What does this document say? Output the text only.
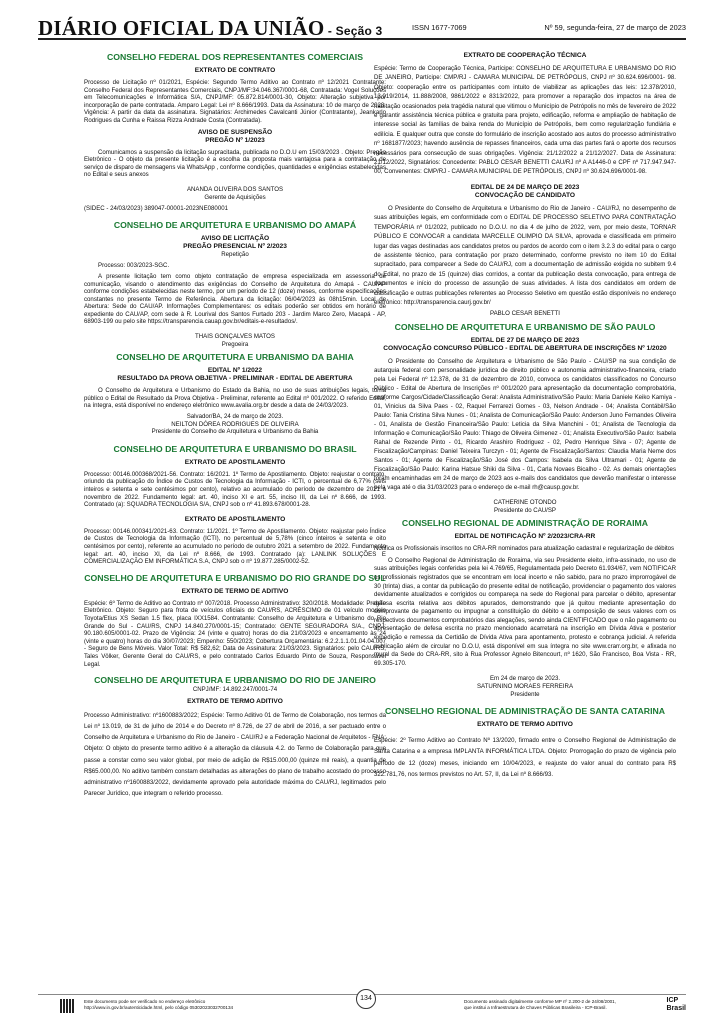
DIÁRIO OFICIAL DA UNIÃO - Seção 3	ISSN 1677-7069	Nº 59, segunda-feira, 27 de março de 2023
CONSELHO FEDERAL DOS REPRESENTANTES COMERCIAIS
EXTRATO DE CONTRATO
Processo de Licitação nº 01/2021, Espécie: Segundo Termo Aditivo ao Contrato nº 12/2021 Contratante: Conselho Federal dos Representantes Comerciais, CNPJ/MF:34.046.367/0001-68, Contratada: Vogel Soluções em Telecomunicações e Informática S/A, CNPJ/MF: 05.872.814/0001-30, Objeto: Alteração subjetiva por incorporação de parte contratada. Amparo Legal: Lei nº 8.666/1993. Data da Assinatura: 10 de março de 2023. Vigência: A partir da data da assinatura. Signatários: Archimedes Cavalcanti Júnior (Contratante), Jeankarlo Rodrigues da Cunha e Raissa Rizza Andrade Costa (Contratada).
AVISO DE SUSPENSÃO
PREGÃO Nº 1/2023
Comunicamos a suspensão da licitação supracitada, publicada no D.O.U em 15/03/2023 . Objeto: Pregão Eletrônico - O objeto da presente licitação é a escolha da proposta mais vantajosa para a contratação de serviço de disparo de mensagens via WhatsApp , conforme condições, quantidades e exigências estabelecidas no Edital e seus anexos
ANANDA OLIVEIRA DOS SANTOS
Gerente de Aquisições
(SIDEC - 24/03/2023) 389047-00001-2023NE080001
CONSELHO DE ARQUITETURA E URBANISMO DO AMAPÁ
AVISO DE LICITAÇÃO
PREGÃO PRESENCIAL Nº 2/2023
Repetição
Processo: 003/2023-SGC.
A presente licitação tem como objeto contratação de empresa especializada em assessoria de comunicação, visando o atendimento das exigências do Conselho de Arquitetura do Amapá - CAU/AP conforme condições estabelecidas neste termo, por um período de 12 (doze) meses, conforme especificações constantes no presente Termo de Referência. Abertura da licitação: 06/04/2023 às 08h15min. Local de Abertura: Sede do CAU/AP. Informações Complementares: os editais poderão ser obtidos em horário de expediente do CAU/AP, com sede à R. Lourival dos Santos Furtado 203 - Jardim Marco Zero, Macapá - AP, 68903-199 ou pelo site https://transparencia.cauap.gov.br/editais-e-resultados/.
THAIS GONÇALVES MATOS
Pregoeira
CONSELHO DE ARQUITETURA E URBANISMO DA BAHIA
EDITAL Nº 1/2022
RESULTADO DA PROVA OBJETIVA - PRELIMINAR - EDITAL DE ABERTURA
O Conselho de Arquitetura e Urbanismo do Estado da Bahia, no uso de suas atribuições legais, torna público o Edital de Resultado da Prova Objetiva - Preliminar, referente ao Edital nº 001/2022. O referido Edital, na íntegra, está disponível no endereço eletrônico www.avalia.org.br desde a data de 24/03/2023.
Salvador/BA, 24 de março de 2023.
NEILTON DÓREA RODRIGUES DE OLIVEIRA
Presidente do Conselho de Arquitetura e Urbanismo da Bahia
CONSELHO DE ARQUITETURA E URBANISMO DO BRASIL
EXTRATO DE APOSTILAMENTO
Processo: 00146.000368/2021-56. Contrato: 16/2021. 1º Termo de Apostilamento. Objeto: reajustar o contrato, oriundo da publicação do Índice de Custos de Tecnologia da Informação - ICTI, o percentual de 6,77% (seis inteiros e setenta e sete centésimos por cento), relativo ao acumulado do período de dezembro de 2021 a novembro de 2022. Fundamento legal: art. 40, inciso XI e art. 55, inciso III, da Lei nº 8.666, de 1993. Contratado (a): SQUADRA TECNOLOGIA S/A, CNPJ sob o nº 41.893.678/0001-28.
EXTRATO DE APOSTILAMENTO
Processo: 00146.000341/2021-63. Contrato: 11/2021. 1º Termo de Apostilamento. Objeto: reajustar pelo Índice de Custos de Tecnologia da Informação (ICTI), no percentual de 5,78% (cinco inteiros e setenta e oito centésimos por cento), referente ao acumulado no período de outubro 2021 a setembro de 2022. Fundamento legal: art. 40, inciso XI, da Lei nº 8.666, de 1993. Contratado (a): LANLINK SOLUÇÕES E COMERCIALIZAÇÃO EM INFORMÁTICA S.A, CNPJ sob o nº 19.877.285/0002-52.
CONSELHO DE ARQUITETURA E URBANISMO DO RIO GRANDE DO SUL
EXTRATO DE TERMO DE ADITIVO
Espécie: 6º Termo de Aditivo ao Contrato nº 007/2018. Processo Administrativo: 320/2018. Modalidade: Pregão Eletrônico. Objeto: Seguro para frota de veículos oficiais do CAU/RS, ACRÉSCIMO de 01 veículo modelo Toyota/Etius XS Sedan 1.5 flex, placa IXX1584. Contratante: Conselho de Arquitetura e Urbanismo do Rio Grande do Sul - CAU/RS, CNPJ 14.840.270/0001-15; Contratado: GENTE SEGURADORA S/A., CNPJ: 90.180.605/0001-02. Prazo de Vigência: 24 (vinte e quatro) horas do dia 21/03/2023 e encerramento às 24 (vinte e quatro) horas do dia 30/07/2023; Empenho: 550/2023; Cobertura Orçamentária: 6.2.2.1.1.01.04.04.007 - Seguro de Bens Móveis. Valor Total: R$ 582,62; Data de Assinatura: 21/03/2023. Signatários: pelo CAU/RS, Tales Völker, Gerente Geral do CAU/RS, e pelo contratado Carlos Eduardo Pinto de Souza, Responsável Legal.
CONSELHO DE ARQUITETURA E URBANISMO DO RIO DE JANEIRO
CNPJ/MF: 14.892.247/0001-74
EXTRATO DE TERMO ADITIVO
Processo Administrativo: nº1600883/2022; Espécie: Termo Aditivo 01 de Termo de Colaboração, nos termos da Lei nº 13.019, de 31 de julho de 2014 e do Decreto nº 8.726, de 27 de abril de 2016, a ser pactuado entre o Conselho de Arquitetura e Urbanismo do Rio de Janeiro - CAU/RJ e a Federação Nacional de Arquitetos - FNA; Objeto: O objeto do presente termo aditivo é a alteração da cláusula 4.2. do Termo de Colaboração para que passe a constar como seu valor global, por meio de adição de R$15.000,00 (quinze mil reais), a quantia de R$65.000,00. No aditivo também constam detalhadas as alterações do plano de trabalho acostado do processo administrativo nº1600883/2022, devidamente aprovado pela autoridade máxima do CAU/RJ, legitimados pelo Parecer Jurídico, que integram o referido processo.
EXTRATO DE COOPERAÇÃO TÉCNICA
Espécie: Termo de Cooperação Técnica, Partícipe: CONSELHO DE ARQUITETURA E URBANISMO DO RIO DE JANEIRO, Partícipe: CMP/RJ - CAMARA MUNICIPAL DE PETRÓPOLIS, CNPJ nº 30.624.696/0001- 98. Objeto: cooperação entre os partícipantes com intuito de viabilizar as aplicações das leis: 12.378/2010, 13.019/2014, 11.888/2008, 9861/2022 e 8313/2022, para promover a reparação dos impactos na área de habitação ocasionados pela tragédia natural que vitimou o Município de Petrópolis no mês de fevereiro de 2022 e garantir assistência técnica pública e gratuita para projeto, edificação, reforma e ampliação de habitação de interesse social às famílias de baixa renda do Município de Petrópolis, bem como regularização fundiária e edilícia. E qualquer outra que conste do formulário de inscrição acostado aos autos do processo administrativo nº 1681877/2023; havendo ausência de repasses financeiros, cada uma das partes fará o aporte dos recursos necessários para consecução de suas obrigações. Vigência: 21/12/2022 a 21/12/2027. Data de Assinatura: 21/12/2022, Signatários: Concedente: PABLO CESAR BENETTI CAU/RJ nº A A1446-0 e CPF nº 717.947.947-00, Convenentes: CMP/RJ - CAMARA MUNICIPAL DE PETRÓPOLIS, CNPJ nº 30.624.696/0001-98.
EDITAL DE 24 DE MARÇO DE 2023
CONVOCAÇÃO DE CANDIDATO
O Presidente do Conselho de Arquitetura e Urbanismo do Rio de Janeiro - CAU/RJ, no desempenho de suas atribuições legais, em conformidade com o EDITAL DE PROCESSO SELETIVO PARA CONTRATAÇÃO TEMPORÁRIA nº 01/2022, publicado no D.O.U. no dia 4 de julho de 2022, vem, por meio deste, TORNAR PÚBLICO E CONVOCAR a candidata MARCELLE OLIMPIO DA SILVA, aprovada e classificada em primeiro lugar das vagas destinadas aos candidatos pretos ou pardos de acordo com o item 3.2.3 do edital para o cargo de assistente técnico, para contratação por prazo determinado, conforme previsto no item 10 do Edital supracitado, para comparecer a Sede do CAU/RJ, com a documentação de admissão exigida no subitem 9.4 do Edital, no prazo de 15 (quinze) dias corridos, a contar da publicação desta convocação, para entrega de documentos e início do processo de assunção de suas atividades. A lista dos candidatos em ordem de classificação e outras publicações referentes ao Processo Seletivo em questão estão disponíveis no endereço eletrônico: http://transparencia.caurj.gov.br/
PABLO CESAR BENETTI
CONSELHO DE ARQUITETURA E URBANISMO DE SÃO PAULO
EDITAL DE 27 DE MARÇO DE 2023
CONVOCAÇÃO CONCURSO PÚBLICO - EDITAL DE ABERTURA DE INSCRIÇÕES Nº 1/2020
O Presidente do Conselho de Arquitetura e Urbanismo de São Paulo - CAU/SP na sua condição de autarquia federal com personalidade jurídica de direito público e autonomia administrativo-financeira, criado pela Lei Federal nº 12.378, de 31 de dezembro de 2010, convoca os candidatos classificados no Concurso Público - Edital de Abertura de Inscrições nº 001/2020 para apresentação da documentação comprobatória, conforme Cargos/Cidade/Classificação Geral: Analista Administrativo/São Paulo: Maria Daniele Keiko Kamiya - 01, Vinicius da Silva Paes - 02, Raquel Ferrarezi Gomes - 03, Nelson Andrade - 04; Analista Contábil/São Paulo: Tania Cristina Silva Nunes - 01; Analista de Comunicação/São Paulo: Anderson Juno Fernandes Oliveira - 01, Analista de Gestão Financeira/São Paulo: Leticia da Silva Manchini - 01; Analista de Tecnologia da Informação e Comunicação/São Paulo: Thiago de Oliveira Gimenez - 01; Analista Executivo/São Paulo: Isabela Rahal de Rezende Pinto - 01, Ricardo Arashiro Rodriguez - 02, Pedro Henrique Silva - 07; Agente de Fiscalização/Campinas: Daniel Teixeira Turczyn - 01; Agente de Fiscalização/Santos: Claudia Maria Neme dos Santos - 01; Agente de Fiscalização/São José dos Campos: Isabela da Silva Ultramari - 01; Agente de Fiscalização/São Paulo: Karina Hatsue Shiki da Silva - 01, Carla Novaes Bicalho - 02. As demais orientações foram encaminhadas em 24 de março de 2023 aos e-mails dos candidatos que deverão manifestar o interesse pela vaga até o dia 31/03/2023 para o endereço de e-mail rh@causp.gov.br.
CATHERINE OTONDO
Presidente do CAU/SP
CONSELHO REGIONAL DE ADMINISTRAÇÃO DE RORAIMA
EDITAL DE NOTIFICAÇÃO Nº 2/2023/CRA-RR
Notifica os Profissionais inscritos no CRA-RR nominados para atualização cadastral e regularização de débitos
O Conselho Regional de Administração de Roraima, via seu Presidente eleito, infra-assinado, no uso de suas atribuições legais conferidas pela lei 4.769/65, Regulamentada pelo Decreto 61.934/67, vem NOTIFICAR os profissionais registrados que se encontram em local incerto e não sabido, para no prazo improrrogável de 30 (trinta) dias, a contar da publicação do presente edital de notificação, providenciar o pagamento dos valores devidamente atualizados e corrigidos ou compareça na sede do Regional para parcelar o débito, apresentar defesa escrita relativa aos débitos apurados, demonstrando que já quitou mediante apresentação do comprovante de pagamento ou impugnar a constituição do débito e a composição de seus valores com os respectivos documentos comprobatórios das alegações, sendo ainda CIENTIFICADO que o não pagamento ou apresentação de defesa escrita no prazo mencionado acarretará na inscrição em Dívida Ativa e posterior expedição e remessa da Certidão de Dívida Ativa para apontamento, protesto e cobrança judicial. A referida publicação além de circular no D.O.U, está disponível em sua íntegra no site www.crarr.org.br, e afixada no mural da Sede do CRA-RR, sito à Rua Professor Agnelo Bitencourt, nº 1620, São Francisco, Boa Vista - RR, 69.305-170.
Em 24 de março de 2023.
SATURNINO MORAES FERREIRA
Presidente
CONSELHO REGIONAL DE ADMINISTRAÇÃO DE SANTA CATARINA
EXTRATO DE TERMO ADITIVO
Espécie: 2º Termo Aditivo ao Contrato Nº 13/2020, firmado entre o Conselho Regional de Administração de Santa Catarina e a empresa IMPLANTA INFORMÁTICA LTDA. Objeto: Prorrogação do prazo de vigência pelo período de 12 (doze) meses, iniciando em 10/04/2023, e reajuste do valor anual do contrato para R$ 322.781,76, nos termos previstos no Art. 57, II, da Lei nº 8.666/93.
Este documento pode ser verificado no endereço eletrônico
http://www.in.gov.br/autenticidade.html, pelo código 05302023032700134
134	Documento assinado digitalmente conforme MP nº 2.200-2 de 24/08/2001,
que institui a Infraestrutura de Chaves Públicas Brasileira - ICP-Brasil.
ICP
Brasil
